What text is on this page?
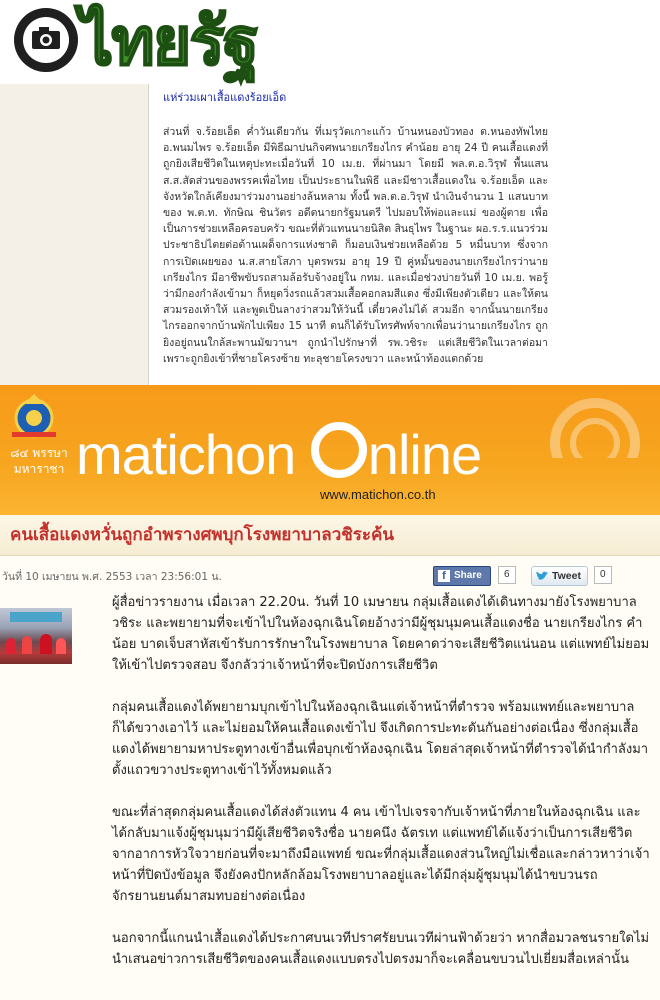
ไทยรัฐ
แห่ร่วมเผาเสื้อแดงร้อยเอ็ด
ส่วนที่ จ.ร้อยเอ็ด ค่ำวันเดียวกัน ที่เมรุวัดเกาะแก้ว บ้านหนองบัวทอง ต.หนองทัพไทย อ.พนมไพร จ.ร้อยเอ็ด มีพิธีฌาปนกิจศพนายเกรียงไกร คำน้อย อายุ 24 ปี คนเสื้อแดงที่ถูกยิงเสียชีวิตในเหตุปะทะเมื่อวันที่ 10 เม.ย. ที่ผ่านมา โดยมี พล.ต.อ.วิรุฬ พื้นแสน ส.ส.สัดส่วนของพรรคเพื่อไทย เป็นประธานในพิธี และมีชาวเสื้อแดงใน จ.ร้อยเอ็ด และจังหวัดใกล้เคียงมาร่วมงานอย่างล้นหลาม ทั้งนี้ พล.ต.อ.วิรุฬ นำเงินจำนวน 1 แสนบาท ของ พ.ต.ท. ทักษิณ ชินวัตร อดีตนายกรัฐมนตรี ไปมอบให้พ่อและแม่ ของผู้ตาย เพื่อเป็นการช่วยเหลือครอบครัว ขณะที่ตัวแทนนายนิสิต สินธุไพร ในฐานะ ผอ.ร.ร.แนวร่วมประชาธิปไตยต่อต้านเผด็จการแห่งชาติ ก็มอบเงินช่วยเหลือด้วย 5 หมื่นบาท ซึ่งจากการเปิดเผยของ น.ส.สายโสภา บุตรพรม อายุ 19 ปี คู่หมั้นของนายเกรียงไกรว่านายเกรียงไกร มีอาชีพขับรถสามล้อรับจ้างอยู่ใน กทม. และเมื่อช่วงบ่ายวันที่ 10 เม.ย. พอรู้ว่ามีกองกำลังเข้ามา ก็หยุดวิ่งรถแล้วสวมเสื้อคอกลมสีแดง ซึ่งมีเพียงตัวเดียว และให้ตนสวมรองเท้าให้ และพูดเป็นลางว่าสวมให้วันนี้ เดี๋ยวคงไม่ได้ สวมอีก จากนั้นนายเกรียงไกรออกจากบ้านพักไปเพียง 15 นาที ตนก็ได้รับโทรศัพท์จากเพื่อนว่านายเกรียงไกร ถูกยิงอยู่ถนนใกล้สะพานมัฆวานฯ ถูกนำไปรักษาที่ รพ.วชิระ แต่เสียชีวิตในเวลาต่อมา เพราะถูกยิงเข้าที่ชายโครงซ้าย ทะลุชายโครงขวา และหน้าท้องแตกด้วย
๘๔ พรรษา
มหาราชา matichon nline
www.matichon.co.th
คนเสื้อแดงหวั่นถูกอำพรางศพบุกโรงพยาบาลวชิระค้น
วันที่ 10 เมษายน พ.ศ. 2553 เวลา 23:56:01 น.	f Share	6	Tweet	0

ผู้สื่อข่าวรายงาน เมื่อเวลา 22.20น. วันที่ 10 เมษายน กลุ่มเสื้อแดงได้เดินทางมายังโรงพยาบาลวชิระ และพยายามที่จะเข้าไปในห้องฉุกเฉินโดยอ้างว่ามีผู้ชุมนุมคนเสื้อแดงชื่อ นายเกรียงไกร คำน้อย บาดเจ็บสาหัสเข้ารับการรักษาในโรงพยาบาล โดยคาดว่าจะเสียชีวิตแน่นอน แต่แพทย์ไม่ยอมให้เข้าไปตรวจสอบ จึงกลัวว่าเจ้าหน้าที่จะปิดบังการเสียชีวิต

กลุ่มคนเสื้อแดงได้พยายามบุกเข้าไปในห้องฉุกเฉินแต่เจ้าหน้าที่ตำรวจ พร้อมแพทย์และพยาบาลก็ได้ขวางเอาไว้ และไม่ยอมให้คนเสื้อแดงเข้าไป จึงเกิดการปะทะดันกันอย่างต่อเนื่อง ซึ่งกลุ่มเสื้อแดงได้พยายามหาประตูทางเข้าอื่นเพื่อบุกเข้าห้องฉุกเฉิน โดยล่าสุดเจ้าหน้าที่ตำรวจได้นำกำลังมาตั้งแถวขวางประตูทางเข้าไว้ทั้งหมดแล้ว

ขณะที่ล่าสุดกลุ่มคนเสื้อแดงได้ส่งตัวแทน 4 คน เข้าไปเจรจากับเจ้าหน้าที่ภายในห้องฉุกเฉิน และได้กลับมาแจ้งผู้ชุมนุมว่ามีผู้เสียชีวิตจริงชื่อ นายคนึง ฉัตรเท แต่แพทย์ได้แจ้งว่าเป็นการเสียชีวิตจากอาการหัวใจวายก่อนที่จะมาถึงมือแพทย์ ขณะที่กลุ่มเสื้อแดงส่วนใหญ่ไม่เชื่อและกล่าวหาว่าเจ้าหน้าที่ปิดบังข้อมูล จึงยังคงปักหลักล้อมโรงพยาบาลอยู่และได้มีกลุ่มผู้ชุมนุมได้นำขบวนรถจักรยานยนต์มาสมทบอย่างต่อเนื่อง

นอกจากนี้แกนนำเสื้อแดงได้ประกาศบนเวทีปราศรัยบนเวทีผ่านฟ้าด้วยว่า หากสื่อมวลชนรายใดไม่นำเสนอข่าวการเสียชีวิตของคนเสื้อแดงแบบตรงไปตรงมาก็จะเคลื่อนขบวนไปเยี่ยมสื่อเหล่านั้น
